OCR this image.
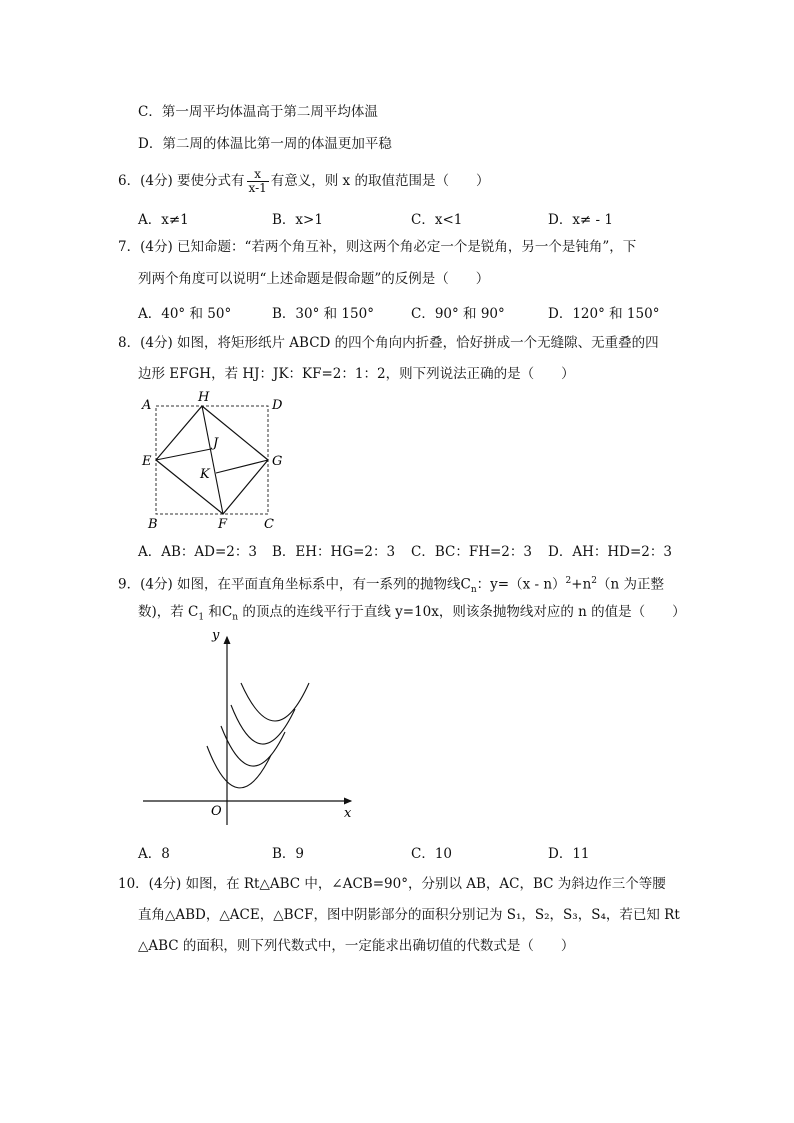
C．第一周平均体温高于第二周平均体温
D．第二周的体温比第一周的体温更加平稳
6．(4分) 要使分式有 $\frac{x}{x-1}$ 有意义，则 x 的取值范围是（　　）
A．x≠1	B．x>1	C．x<1	D．x≠ - 1
7．(4分) 已知命题：“若两个角互补，则这两个角必定一个是锐角，另一个是钝角”，下
列两个角度可以说明“上述命题是假命题”的反例是（　　）
A．40° 和 50°	B．30° 和 150°	C．90° 和 90°	D．120° 和 150°
8．(4分) 如图，将矩形纸片 ABCD 的四个角向内折叠，恰好拼成一个无缝隙、无重叠的四
边形 EFGH，若 HJ：JK：KF=2：1：2，则下列说法正确的是（　　）
A
H
D
J
E	G
K
B	F	C
A．AB：AD=2：3 B．EH：HG=2：3 C．BC：FH=2：3 D．AH：HD=2：3
9．(4分) 如图，在平面直角坐标系中，有一系列的抛物线$C_n$：$y=(x - n)^2+n^2(n$ 为正整
数)，若 $C_1$ 和$C_n$ 的顶点的连线平行于直线 y=10x，则该条抛物线对应的 n 的值是（　　）
y
x
O
A．8	B．9	C．10	D．11
10．(4分) 如图，在 Rt△ABC 中，∠ACB=90°，分别以 AB，AC，BC 为斜边作三个等腰
直角△ABD，△ACE，△BCF，图中阴影部分的面积分别记为 S₁，S₂，S₃，S₄，若已知 Rt
△ABC 的面积，则下列代数式中，一定能求出确切值的代数式是（　　）
